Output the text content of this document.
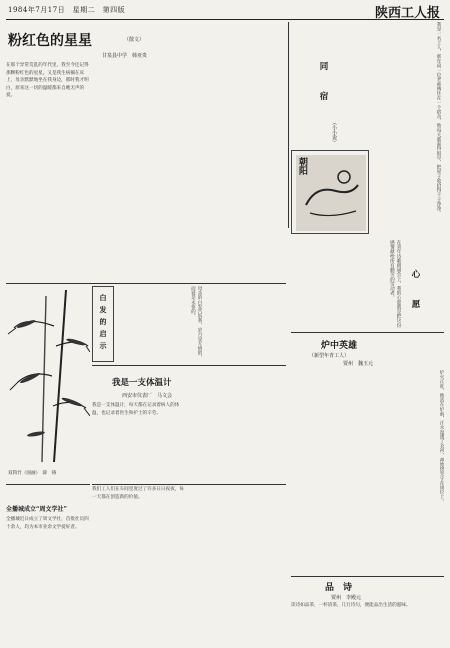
1984年7月17日　星期二　第四版	陕西工人报
粉红色的星星	（散文）
甘泉县中学　韩亚贵
在那个异常荒乱的年代里，我至今还记得那颗粉红色的星星。又是我生病躺在床上，母亲默默地坐在我身边，那时我才明白，原来这一切的温暖都来自她无声的爱。
同
宿
（小小说）	我是一名工人，那年同一位老师傅住在一个宿舍，他每天都起得很早，把屋子收拾得干干净净。
白
发
的
启
示	母亲的白发告诉我，岁月是无情的，而爱是永恒的。
双钩竹（国画）　薛　铸
朝阳
在青年诗歌朗诵会上，我的心愿就是把这份感情献给所有勤劳的劳动者。	心
愿
我是一支体温计
西安市仪表厂　马文会
我是一支体温计，每天都在记录着病人的体温，也记录着医生和护士的辛劳。
炉中英雄
（新型年青工人）
贾州　魏玉元
炉火正旺，他站在炉前，汗水湿透了衣衫，却始终坚守在岗位上。
全播城成立“周文学社”
全播城近日成立了周文学社，首批社员四十余人，均为本市业余文学爱好者。
我们工人们在车间里度过了许多日日夜夜，每一天都在创造新的价值。
品　诗
贾州　李殿元
读诗如品茶，一杯清茶，几行诗句，便能品出生活的滋味。
